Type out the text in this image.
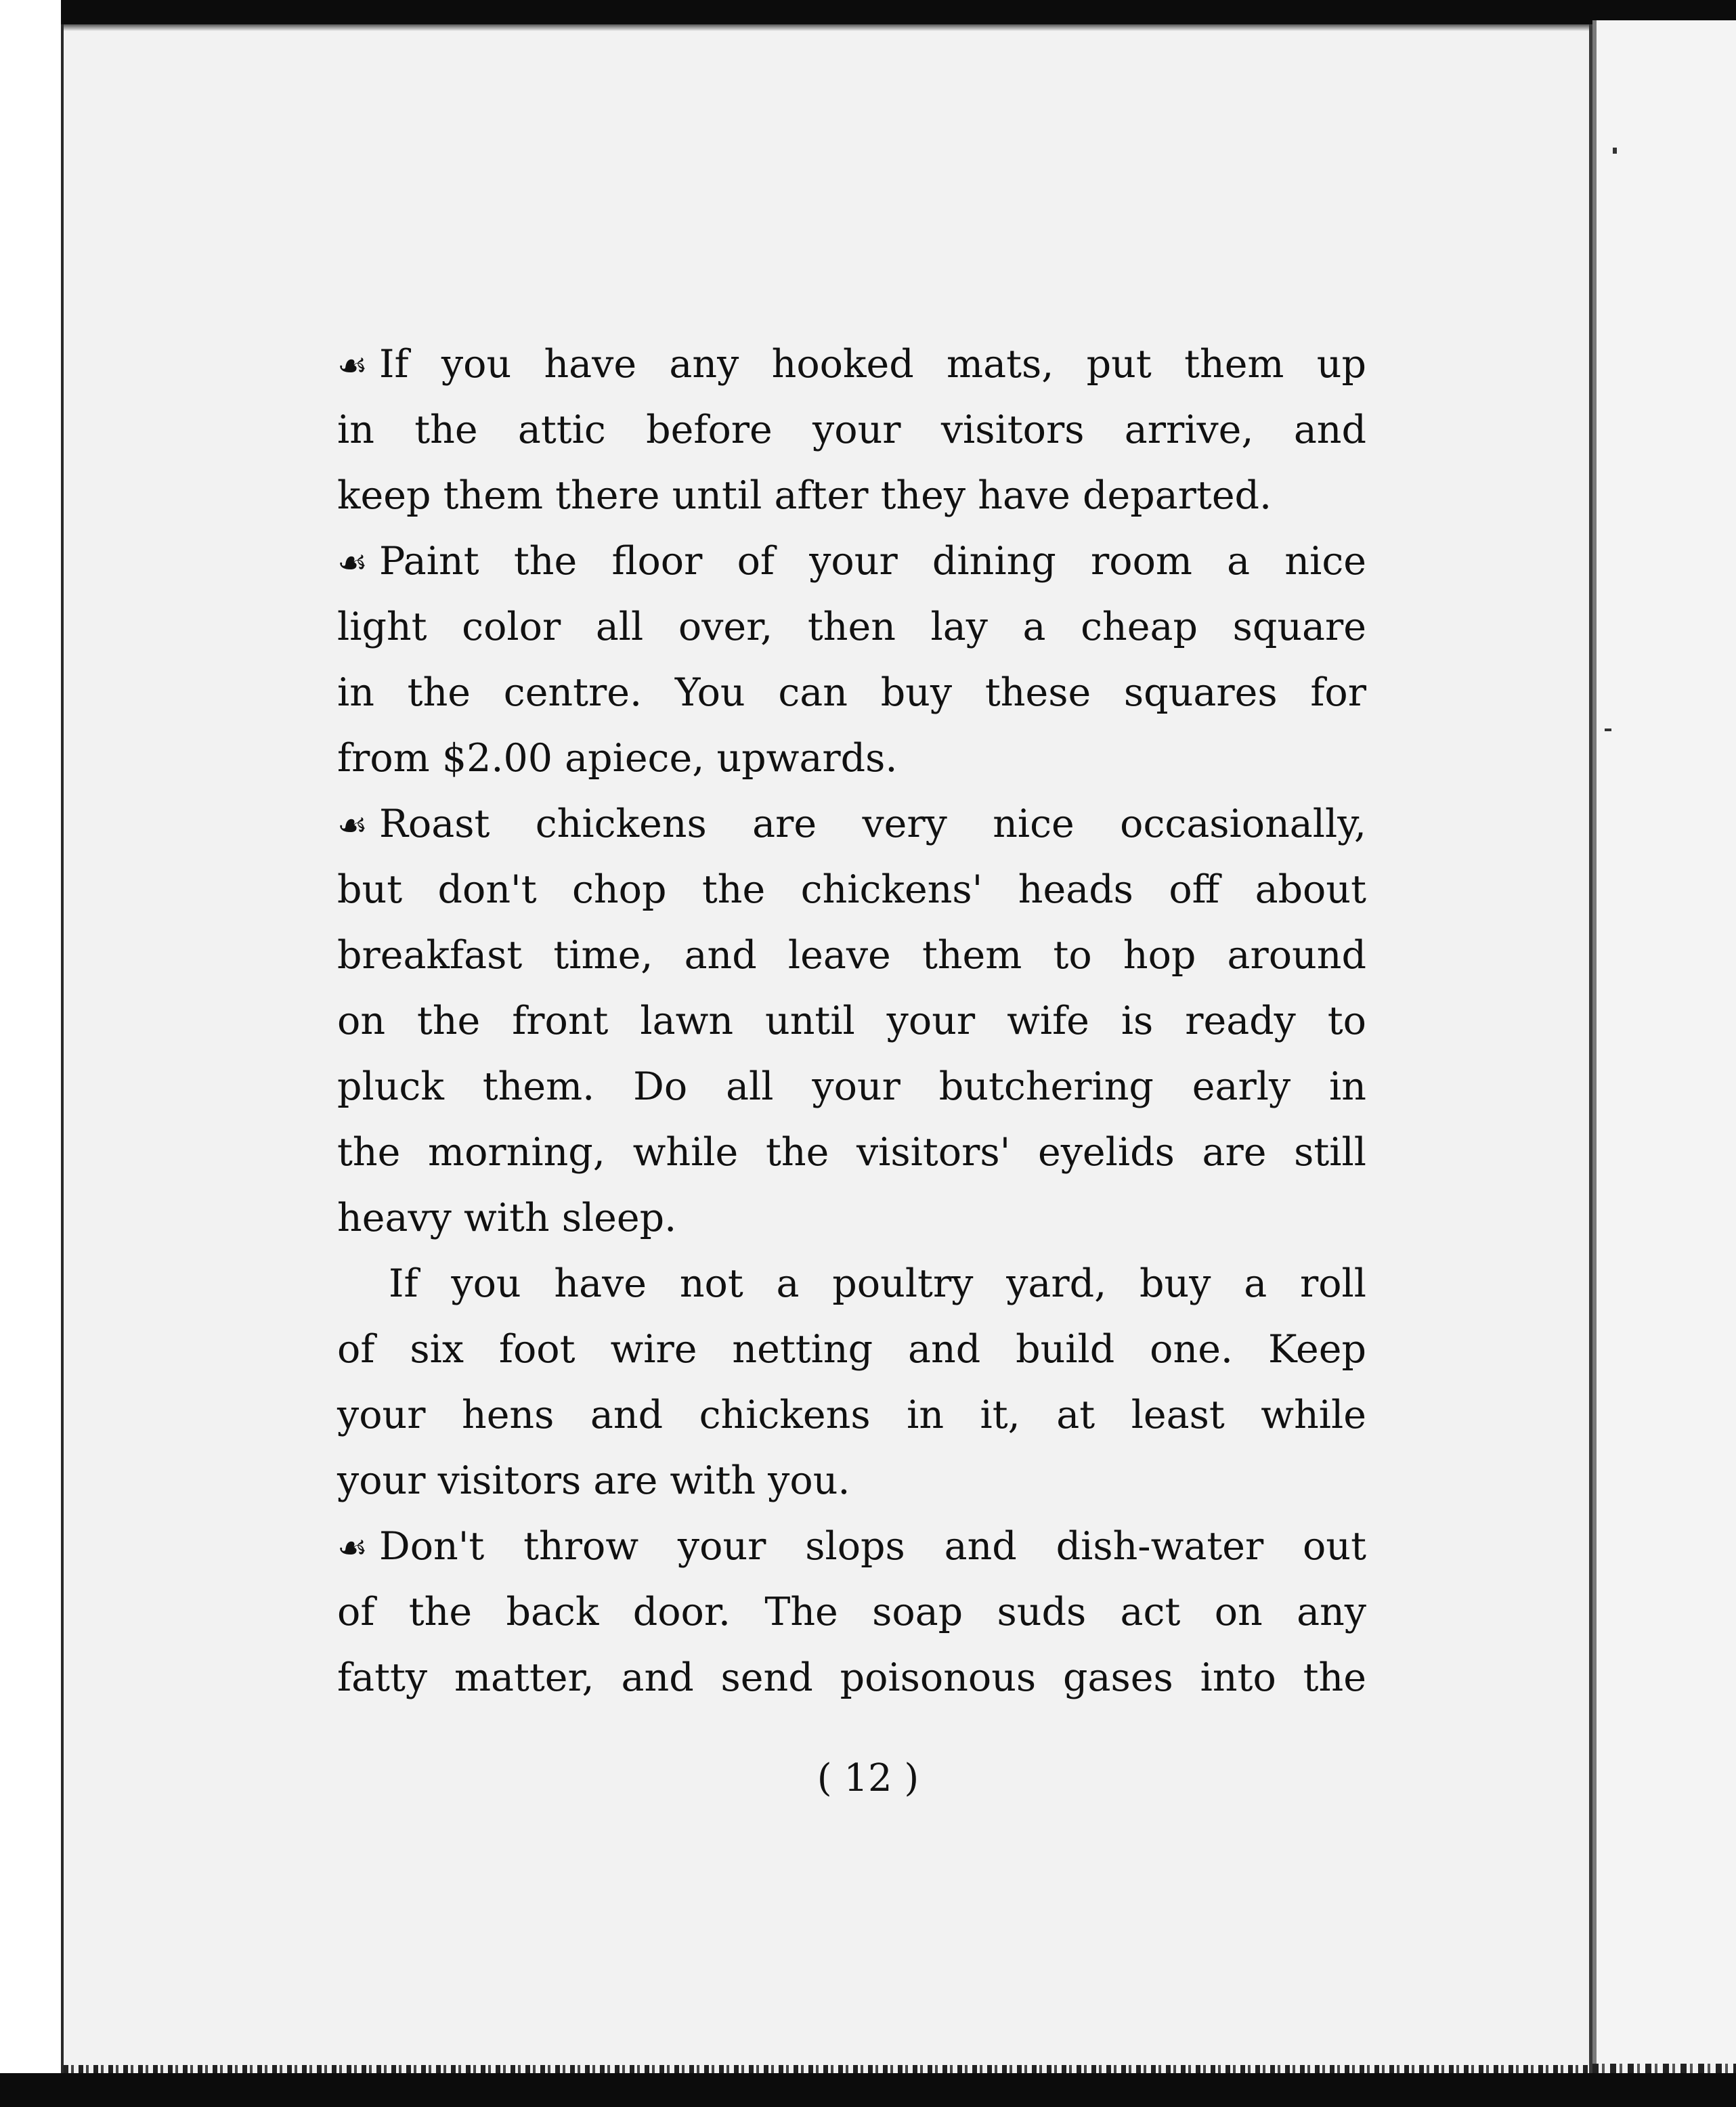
☙ If you have any hooked mats, put them up
in the attic before your visitors arrive, and
keep them there until after they have departed.
☙ Paint the floor of your dining room a nice
light color all over, then lay a cheap square
in the centre. You can buy these squares for
from $2.00 apiece, upwards.
☙ Roast chickens are very nice occasionally,
but don't chop the chickens' heads off about
breakfast time, and leave them to hop around
on the front lawn until your wife is ready to
pluck them. Do all your butchering early in
the morning, while the visitors' eyelids are still
heavy with sleep.
If you have not a poultry yard, buy a roll
of six foot wire netting and build one. Keep
your hens and chickens in it, at least while
your visitors are with you.
☙ Don't throw your slops and dish-water out
of the back door. The soap suds act on any
fatty matter, and send poisonous gases into the

( 12 )
